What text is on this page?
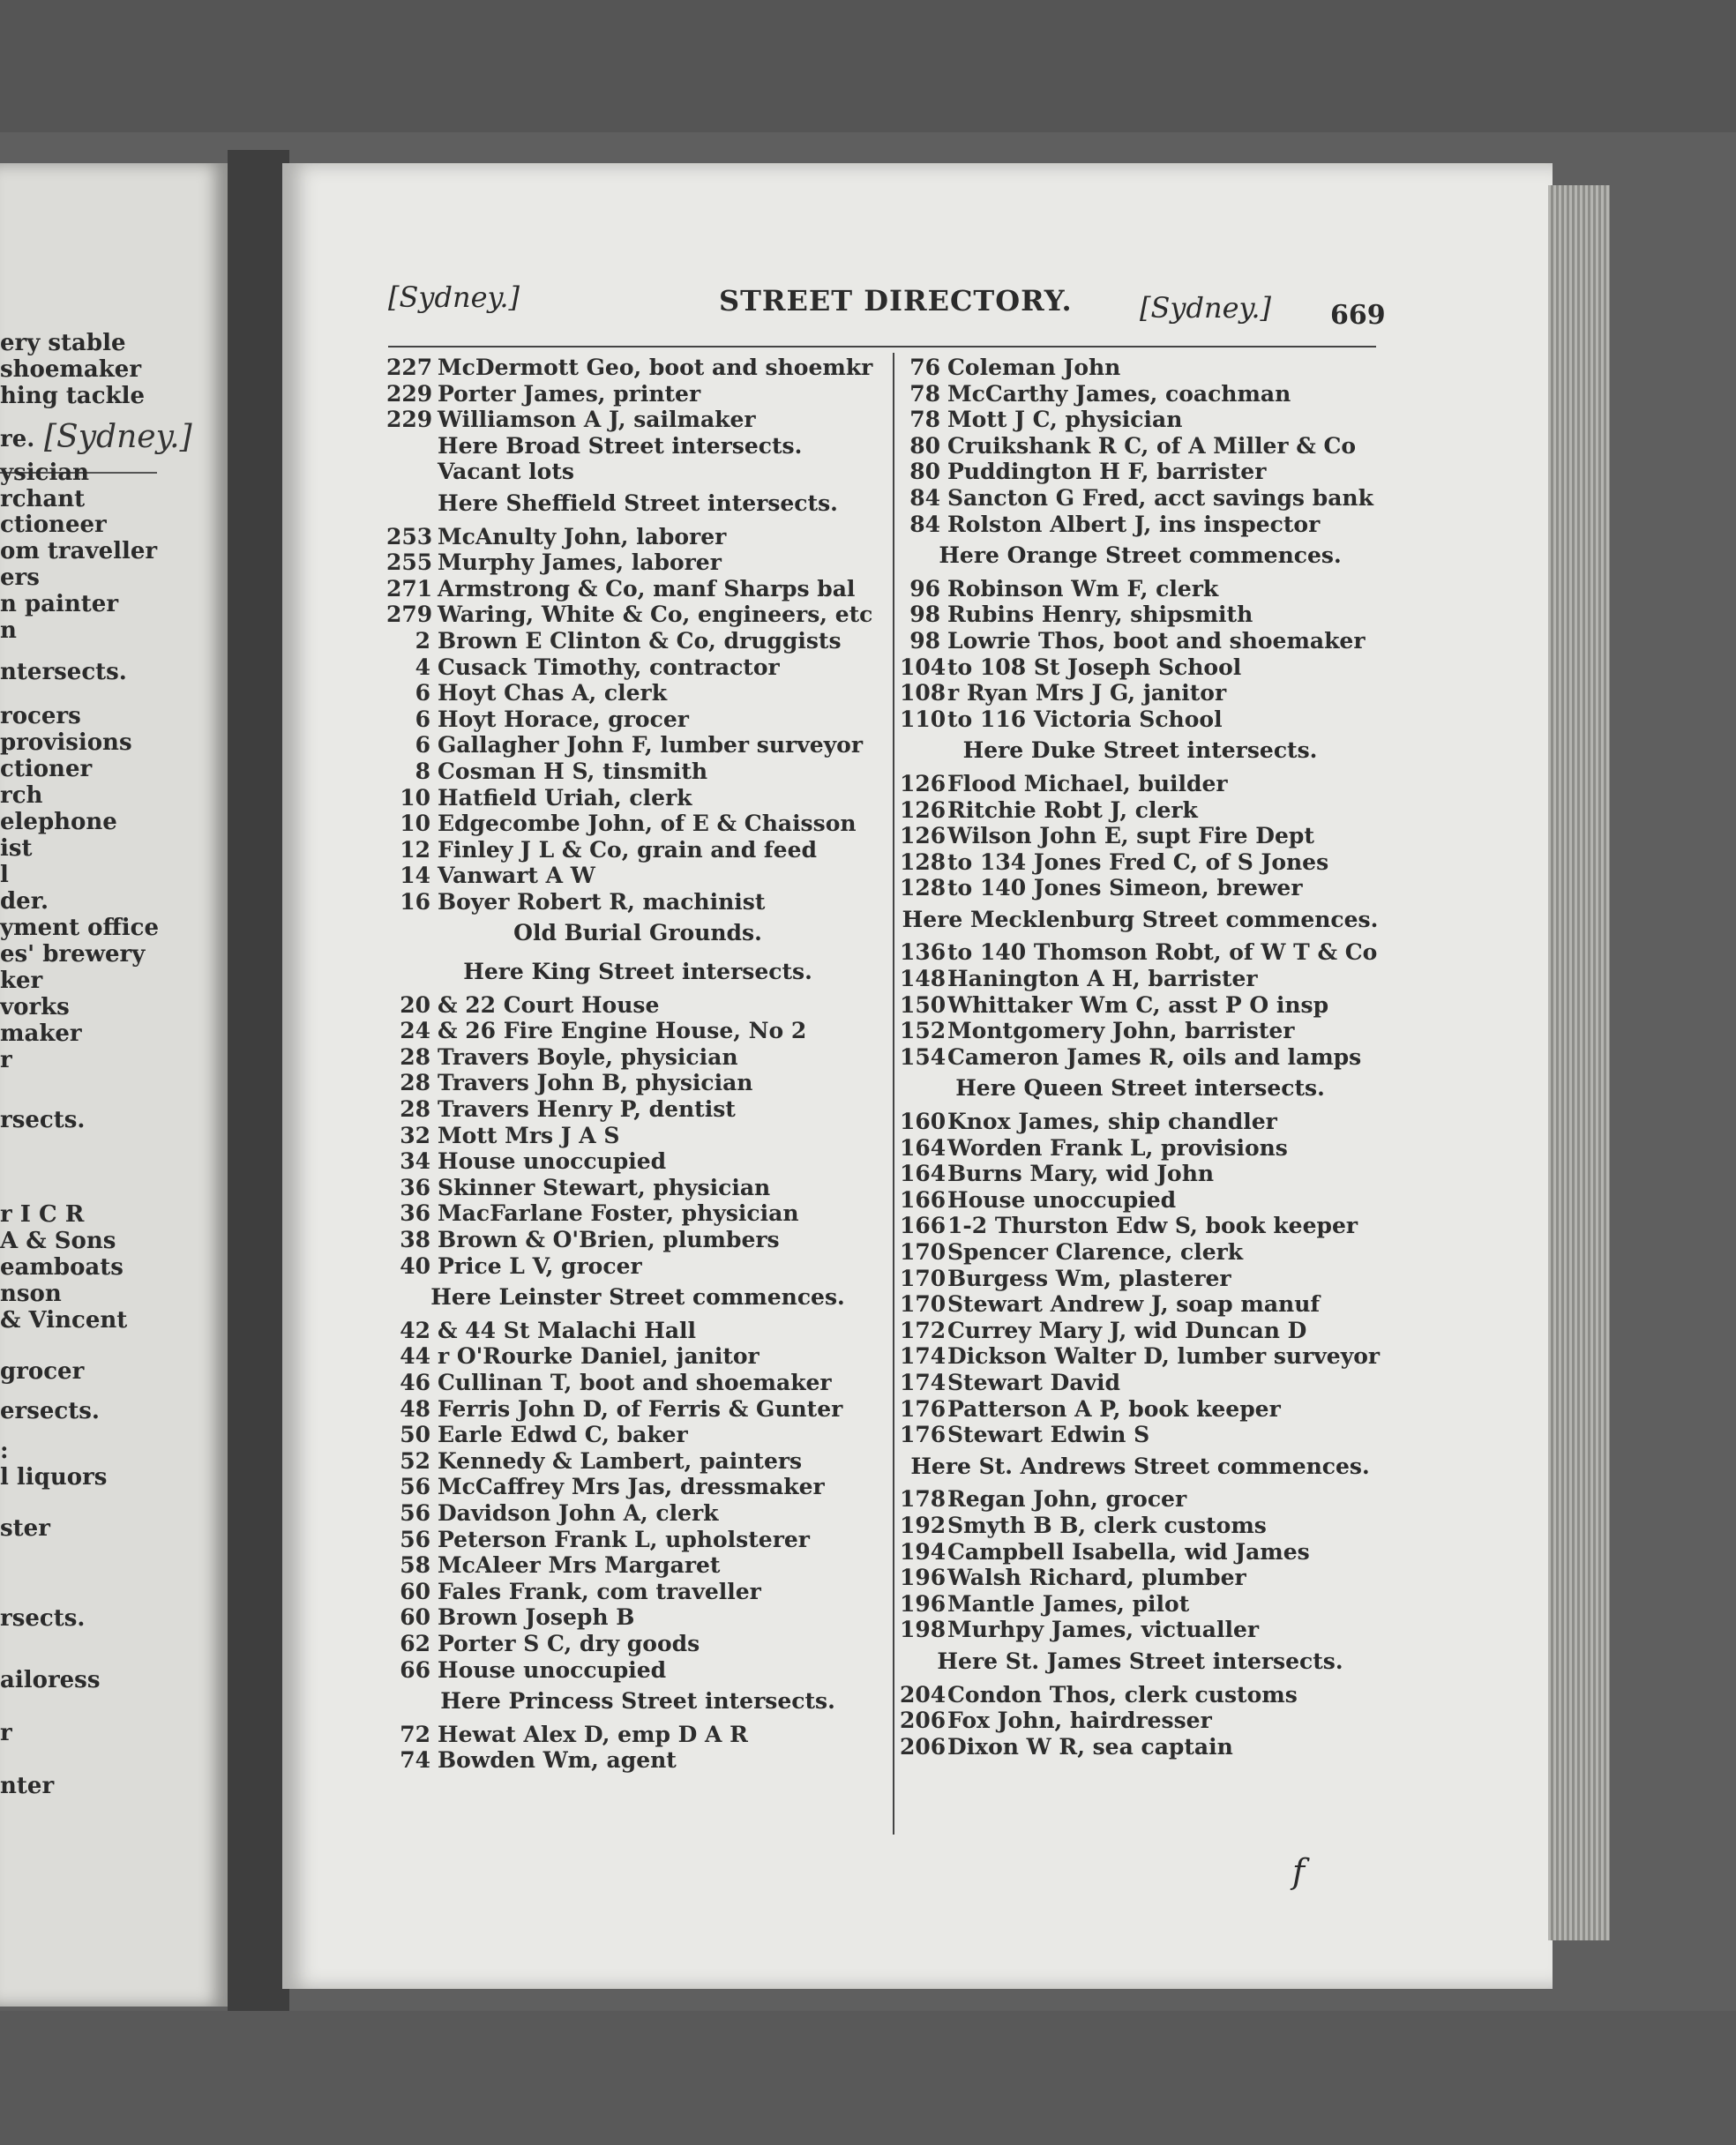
[Sydney.]
ery stable
shoemaker
hing tackle
re.
ysician
rchant
ctioneer
om traveller
ers
n painter
n
ntersects.
rocers
provisions
ctioner
rch
elephone
ist
l
der.
yment office
es' brewery
ker
vorks
maker
r
rsects.
r I C R
A & Sons
eamboats
nson
& Vincent
grocer
ersects.
:
l liquors
ster
rsects.
ailoress
r
nter
[Sydney.]	STREET DIRECTORY. [Sydney.] 669
227 McDermott Geo, boot and shoemkr
229 Porter James, printer
229 Williamson A J, sailmaker
Here Broad Street intersects.
Vacant lots
Here Sheffield Street intersects.
253 McAnulty John, laborer
255 Murphy James, laborer
271 Armstrong & Co, manf Sharps bal
279 Waring, White & Co, engineers, etc
2 Brown E Clinton & Co, druggists
4 Cusack Timothy, contractor
6 Hoyt Chas A, clerk
6 Hoyt Horace, grocer
6 Gallagher John F, lumber surveyor
8 Cosman H S, tinsmith
10 Hatfield Uriah, clerk
10 Edgecombe John, of E & Chaisson
12 Finley J L & Co, grain and feed
14 Vanwart A W
16 Boyer Robert R, machinist
Old Burial Grounds.
Here King Street intersects.
20 & 22 Court House
24 & 26 Fire Engine House, No 2
28 Travers Boyle, physician
28 Travers John B, physician
28 Travers Henry P, dentist
32 Mott Mrs J A S
34 House unoccupied
36 Skinner Stewart, physician
36 MacFarlane Foster, physician
38 Brown & O'Brien, plumbers
40 Price L V, grocer
Here Leinster Street commences.
42 & 44 St Malachi Hall
44 r O'Rourke Daniel, janitor
46 Cullinan T, boot and shoemaker
48 Ferris John D, of Ferris & Gunter
50 Earle Edwd C, baker
52 Kennedy & Lambert, painters
56 McCaffrey Mrs Jas, dressmaker
56 Davidson John A, clerk
56 Peterson Frank L, upholsterer
58 McAleer Mrs Margaret
60 Fales Frank, com traveller
60 Brown Joseph B
62 Porter S C, dry goods
66 House unoccupied
Here Princess Street intersects.
72 Hewat Alex D, emp D A R
74 Bowden Wm, agent
76 Coleman John
78 McCarthy James, coachman
78 Mott J C, physician
80 Cruikshank R C, of A Miller & Co
80 Puddington H F, barrister
84 Sancton G Fred, acct savings bank
84 Rolston Albert J, ins inspector
Here Orange Street commences.
96 Robinson Wm F, clerk
98 Rubins Henry, shipsmith
98 Lowrie Thos, boot and shoemaker
104 to 108 St Joseph School
108 r Ryan Mrs J G, janitor
110 to 116 Victoria School
Here Duke Street intersects.
126 Flood Michael, builder
126 Ritchie Robt J, clerk
126 Wilson John E, supt Fire Dept
128 to 134 Jones Fred C, of S Jones
128 to 140 Jones Simeon, brewer
Here Mecklenburg Street commences.
136 to 140 Thomson Robt, of W T & Co
148 Hanington A H, barrister
150 Whittaker Wm C, asst P O insp
152 Montgomery John, barrister
154 Cameron James R, oils and lamps
Here Queen Street intersects.
160 Knox James, ship chandler
164 Worden Frank L, provisions
164 Burns Mary, wid John
166 House unoccupied
166 1-2 Thurston Edw S, book keeper
170 Spencer Clarence, clerk
170 Burgess Wm, plasterer
170 Stewart Andrew J, soap manuf
172 Currey Mary J, wid Duncan D
174 Dickson Walter D, lumber surveyor
174 Stewart David
176 Patterson A P, book keeper
176 Stewart Edwin S
Here St. Andrews Street commences.
178 Regan John, grocer
192 Smyth B B, clerk customs
194 Campbell Isabella, wid James
196 Walsh Richard, plumber
196 Mantle James, pilot
198 Murhpy James, victualler
Here St. James Street intersects.
204 Condon Thos, clerk customs
206 Fox John, hairdresser
206 Dixon W R, sea captain
f
